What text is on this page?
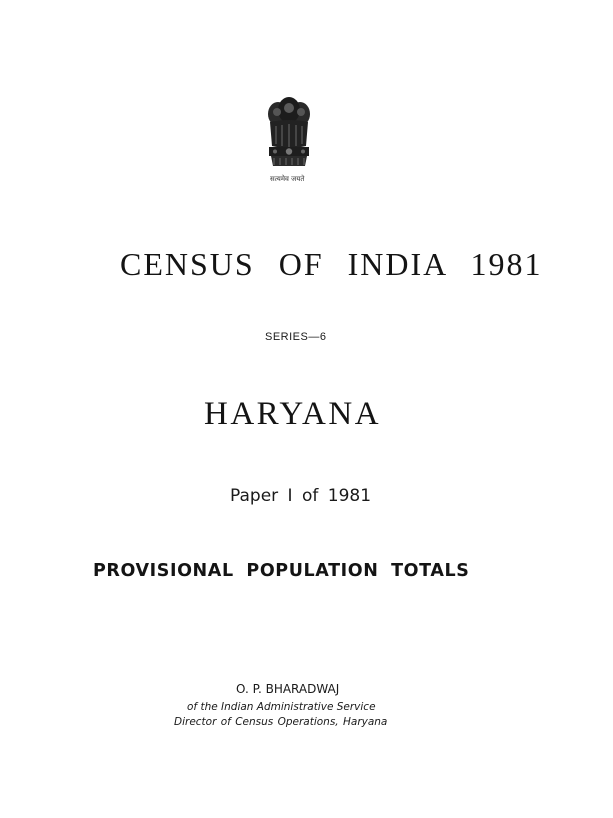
सत्यमेव जयते
CENSUS OF INDIA 1981
SERIES—6
HARYANA
Paper I of 1981
PROVISIONAL POPULATION TOTALS
O. P. BHARADWAJ
of the Indian Administrative Service
Director of Census Operations, Haryana
